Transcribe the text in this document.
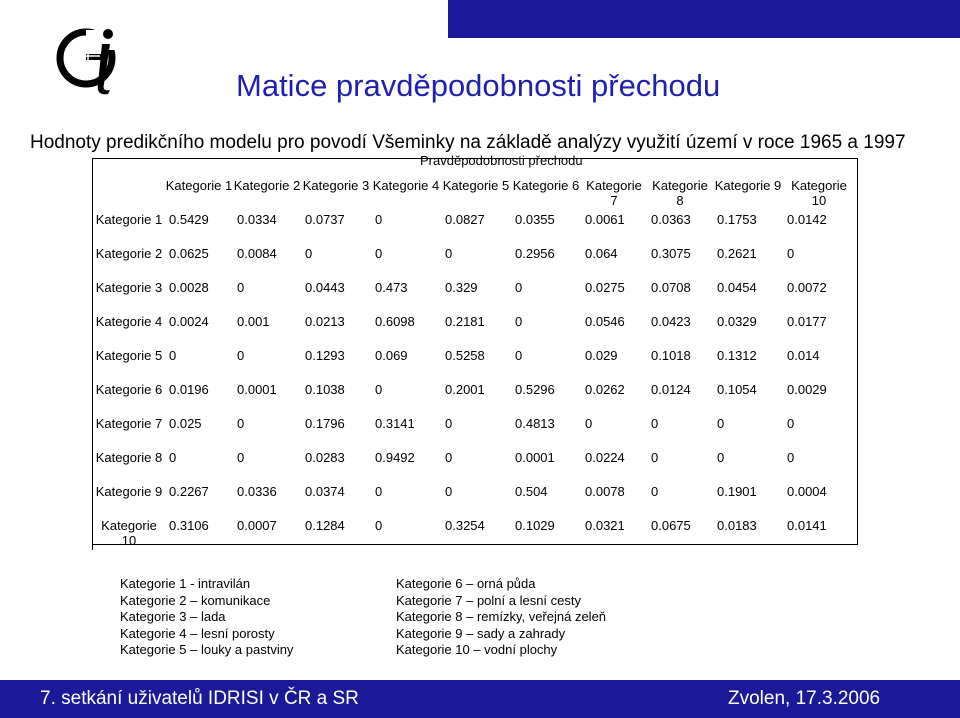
Matice pravděpodobnosti přechodu
Hodnoty predikčního modelu pro povodí Všeminky na základě analýzy využití území v roce 1965 a 1997
Pravděpodobnosti přechodu
	Kategorie 1	Kategorie 2	Kategorie 3	Kategorie 4	Kategorie 5	Kategorie 6	Kategorie 7	Kategorie 8	Kategorie 9	Kategorie 10
Kategorie 1	0.5429	0.0334	0.0737	0	0.0827	0.0355	0.0061	0.0363	0.1753	0.0142
Kategorie 2	0.0625	0.0084	0	0	0	0.2956	0.064	0.3075	0.2621	0
Kategorie 3	0.0028	0	0.0443	0.473	0.329	0	0.0275	0.0708	0.0454	0.0072
Kategorie 4	0.0024	0.001	0.0213	0.6098	0.2181	0	0.0546	0.0423	0.0329	0.0177
Kategorie 5	0	0	0.1293	0.069	0.5258	0	0.029	0.1018	0.1312	0.014
Kategorie 6	0.0196	0.0001	0.1038	0	0.2001	0.5296	0.0262	0.0124	0.1054	0.0029
Kategorie 7	0.025	0	0.1796	0.3141	0	0.4813	0	0	0	0
Kategorie 8	0	0	0.0283	0.9492	0	0.0001	0.0224	0	0	0
Kategorie 9	0.2267	0.0336	0.0374	0	0	0.504	0.0078	0	0.1901	0.0004
Kategorie 10	0.3106	0.0007	0.1284	0	0.3254	0.1029	0.0321	0.0675	0.0183	0.0141
Kategorie 1 - intravilán
Kategorie 2 – komunikace
Kategorie 3 – lada
Kategorie 4 – lesní porosty
Kategorie 5 – louky a pastviny
Kategorie 6 – orná půda
Kategorie 7 – polní a lesní cesty
Kategorie 8 – remízky, veřejná zeleň
Kategorie 9 – sady a zahrady
Kategorie 10 – vodní plochy
7. setkání uživatelů IDRISI v ČR a SR	Zvolen, 17.3.2006
